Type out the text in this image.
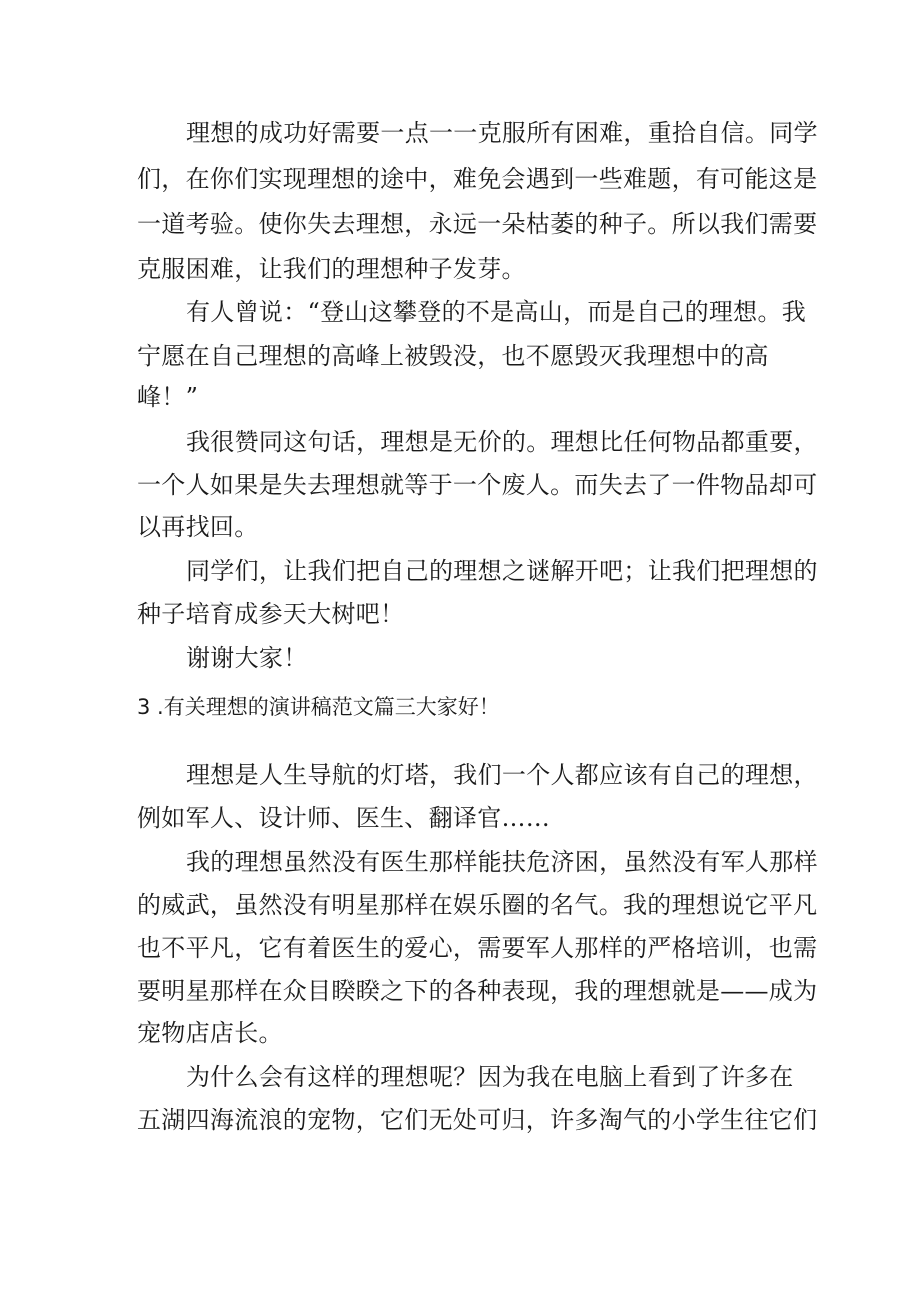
理想的成功好需要一点一一克服所有困难，重拾自信。同学
们，在你们实现理想的途中，难免会遇到一些难题，有可能这是
一道考验。使你失去理想，永远一朵枯萎的种子。所以我们需要
克服困难，让我们的理想种子发芽。
有人曾说：“登山这攀登的不是高山，而是自己的理想。我
宁愿在自己理想的高峰上被毁没，也不愿毁灭我理想中的高
峰！”
我很赞同这句话，理想是无价的。理想比任何物品都重要，
一个人如果是失去理想就等于一个废人。而失去了一件物品却可
以再找回。
同学们，让我们把自己的理想之谜解开吧；让我们把理想的
种子培育成参天大树吧！
谢谢大家！
3 .有关理想的演讲稿范文篇三大家好！
理想是人生导航的灯塔，我们一个人都应该有自己的理想，
例如军人、设计师、医生、翻译官……
我的理想虽然没有医生那样能扶危济困，虽然没有军人那样
的威武，虽然没有明星那样在娱乐圈的名气。我的理想说它平凡
也不平凡，它有着医生的爱心，需要军人那样的严格培训，也需
要明星那样在众目睽睽之下的各种表现，我的理想就是——成为
宠物店店长。
为什么会有这样的理想呢？因为我在电脑上看到了许多在
五湖四海流浪的宠物，它们无处可归，许多淘气的小学生往它们
